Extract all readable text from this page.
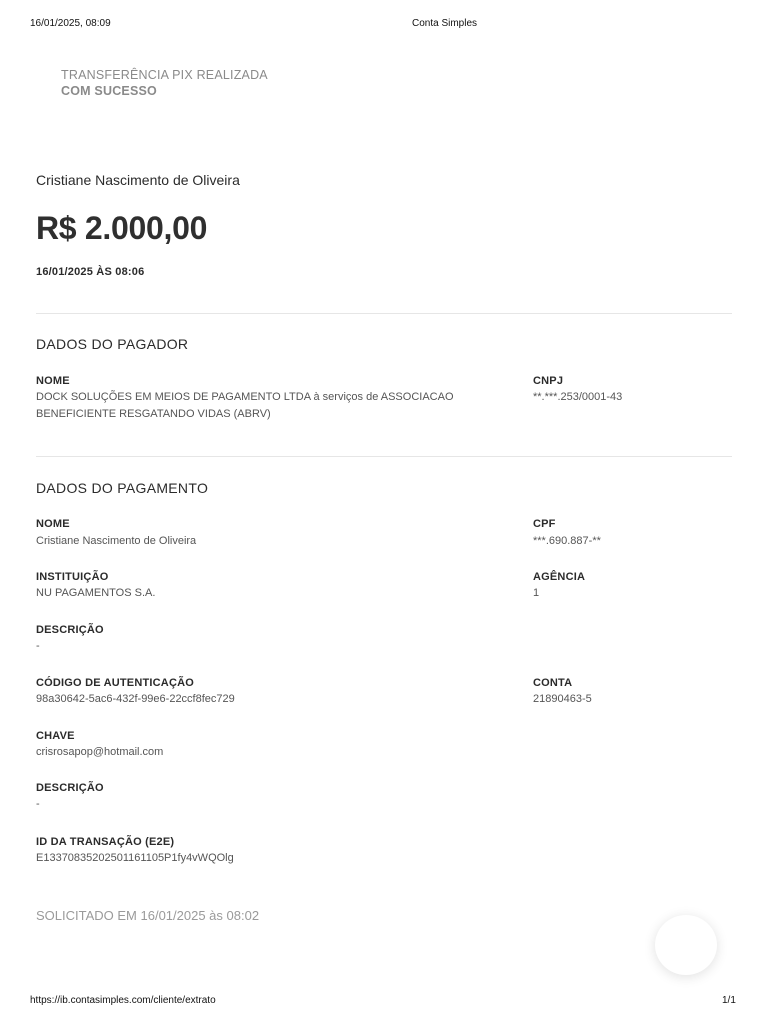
16/01/2025, 08:09	Conta Simples
TRANSFERÊNCIA PIX REALIZADA
COM SUCESSO
Cristiane Nascimento de Oliveira
R$ 2.000,00
16/01/2025 ÀS 08:06
DADOS DO PAGADOR
NOME
DOCK SOLUÇÕES EM MEIOS DE PAGAMENTO LTDA à serviços de ASSOCIACAO
BENEFICIENTE RESGATANDO VIDAS (ABRV)
CNPJ
**.***.253/0001-43
DADOS DO PAGAMENTO
NOME
Cristiane Nascimento de Oliveira
CPF
***.690.887-**
INSTITUIÇÃO
NU PAGAMENTOS S.A.
AGÊNCIA
1
DESCRIÇÃO
-
CÓDIGO DE AUTENTICAÇÃO
98a30642-5ac6-432f-99e6-22ccf8fec729
CONTA
21890463-5
CHAVE
crisrosapop@hotmail.com
DESCRIÇÃO
-
ID DA TRANSAÇÃO (E2E)
E13370835202501161105P1fy4vWQOlg
SOLICITADO EM 16/01/2025 às 08:02
https://ib.contasimples.com/cliente/extrato	1/1
